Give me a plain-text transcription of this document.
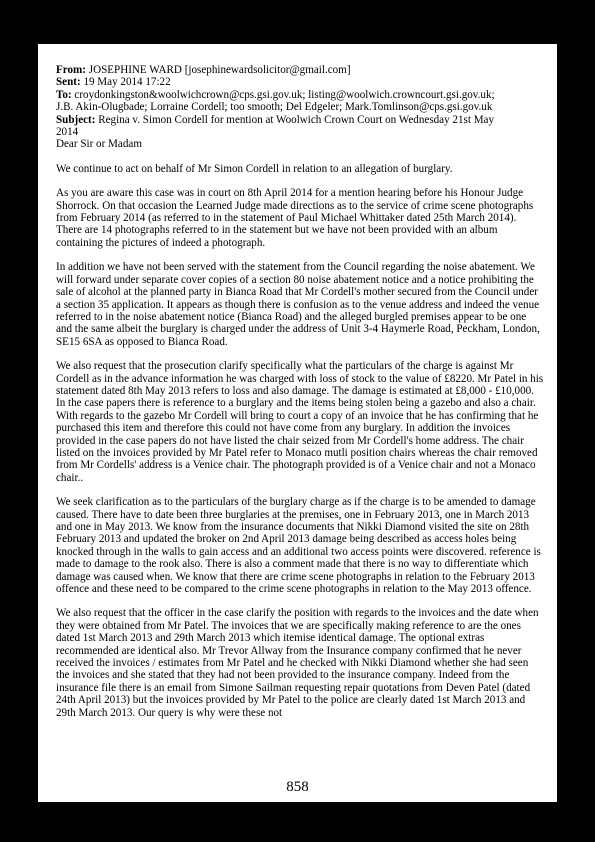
From: JOSEPHINE WARD [josephinewardsolicitor@gmail.com]
Sent: 19 May 2014 17:22
To: croydonkingston&woolwichcrown@cps.gsi.gov.uk; listing@woolwich.crowncourt.gsi.gov.uk;
J.B. Akin-Olugbade; Lorraine Cordell; too smooth; Del Edgeler; Mark.Tomlinson@cps.gsi.gov.uk
Subject: Regina v. Simon Cordell for mention at Woolwich Crown Court on Wednesday 21st May
2014
Dear Sir or Madam

We continue to act on behalf of Mr Simon Cordell in relation to an allegation of burglary.

As you are aware this case was in court on 8th April 2014 for a mention hearing before his Honour Judge Shorrock. On that occasion the Learned Judge made directions as to the service of crime scene photographs from February 2014 (as referred to in the statement of Paul Michael Whittaker dated 25th March 2014). There are 14 photographs referred to in the statement but we have not been provided with an album containing the pictures of indeed a photograph.

In addition we have not been served with the statement from the Council regarding the noise abatement. We will forward under separate cover copies of a section 80 noise abatement notice and a notice prohibiting the sale of alcohol at the planned party in Bianca Road that Mr Cordell's mother secured from the Council under a section 35 application. It appears as though there is confusion as to the venue address and indeed the venue referred to in the noise abatement notice (Bianca Road) and the alleged burgled premises appear to be one and the same albeit the burglary is charged under the address of Unit 3-4 Haymerle Road, Peckham, London, SE15 6SA as opposed to Bianca Road.

We also request that the prosecution clarify specifically what the particulars of the charge is against Mr Cordell as in the advance information he was charged with loss of stock to the value of £8220. Mr Patel in his statement dated 8th May 2013 refers to loss and also damage. The damage is estimated at £8,000 - £10,000. In the case papers there is reference to a burglary and the items being stolen being a gazebo and also a chair. With regards to the gazebo Mr Cordell will bring to court a copy of an invoice that he has confirming that he purchased this item and therefore this could not have come from any burglary. In addition the invoices provided in the case papers do not have listed the chair seized from Mr Cordell's home address. The chair listed on the invoices provided by Mr Patel refer to Monaco mutli position chairs whereas the chair removed from Mr Cordells' address is a Venice chair. The photograph provided is of a Venice chair and not a Monaco chair..

We seek clarification as to the particulars of the burglary charge as if the charge is to be amended to damage caused. There have to date been three burglaries at the premises, one in February 2013, one in March 2013 and one in May 2013. We know from the insurance documents that Nikki Diamond visited the site on 28th February 2013 and updated the broker on 2nd April 2013 damage being described as access holes being knocked through in the walls to gain access and an additional two access points were discovered. reference is made to damage to the rook also. There is also a comment made that there is no way to differentiate which damage was caused when. We know that there are crime scene photographs in relation to the February 2013 offence and these need to be compared to the crime scene photographs in relation to the May 2013 offence.

We also request that the officer in the case clarify the position with regards to the invoices and the date when they were obtained from Mr Patel. The invoices that we are specifically making reference to are the ones dated 1st March 2013 and 29th March 2013 which itemise identical damage. The optional extras recommended are identical also. Mr Trevor Allway from the Insurance company confirmed that he never received the invoices / estimates from Mr Patel and he checked with Nikki Diamond whether she had seen the invoices and she stated that they had not been provided to the insurance company. Indeed from the insurance file there is an email from Simone Sailman requesting repair quotations from Deven Patel (dated 24th April 2013) but the invoices provided by Mr Patel to the police are clearly dated 1st March 2013 and 29th March 2013. Our query is why were these not

858
